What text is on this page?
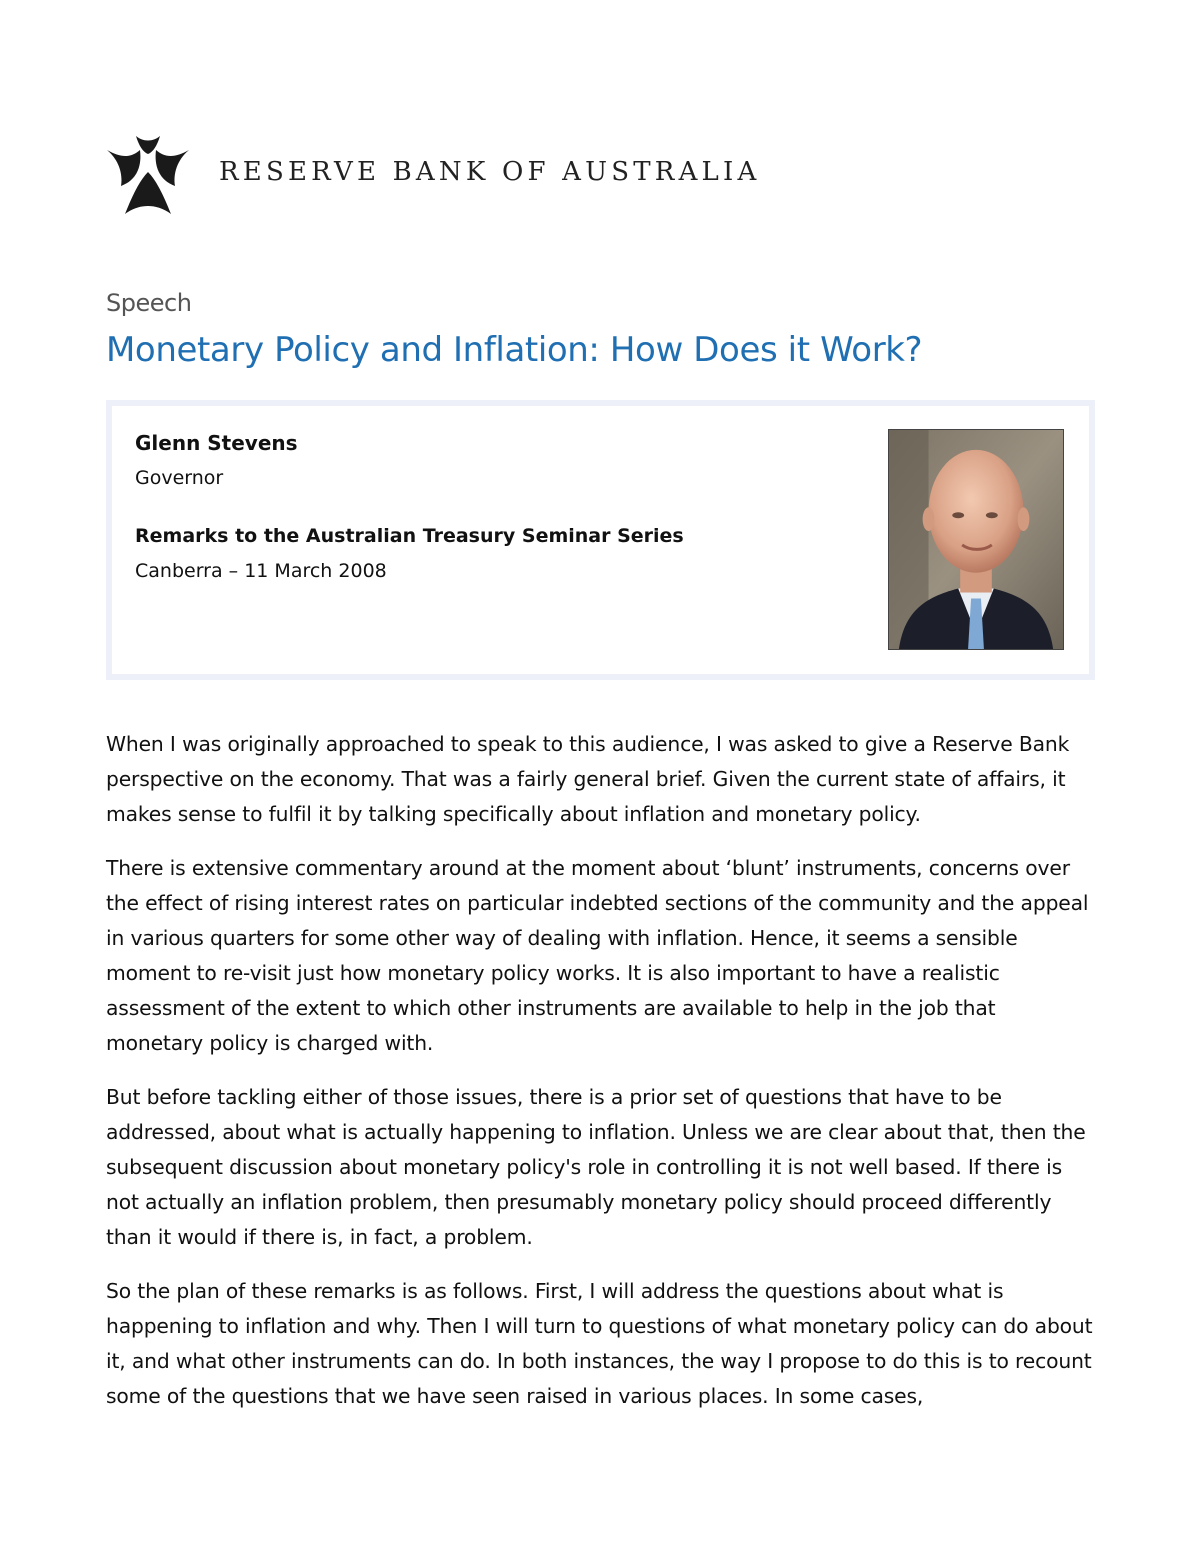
RESERVE BANK OF AUSTRALIA
Speech
Monetary Policy and Inflation: How Does it Work?
Glenn Stevens
Governor
Remarks to the Australian Treasury Seminar Series
Canberra – 11 March 2008

When I was originally approached to speak to this audience, I was asked to give a Reserve Bank perspective on the economy. That was a fairly general brief. Given the current state of affairs, it makes sense to fulfil it by talking specifically about inflation and monetary policy.

There is extensive commentary around at the moment about ‘blunt’ instruments, concerns over the effect of rising interest rates on particular indebted sections of the community and the appeal in various quarters for some other way of dealing with inflation. Hence, it seems a sensible moment to re-visit just how monetary policy works. It is also important to have a realistic assessment of the extent to which other instruments are available to help in the job that monetary policy is charged with.

But before tackling either of those issues, there is a prior set of questions that have to be addressed, about what is actually happening to inflation. Unless we are clear about that, then the subsequent discussion about monetary policy's role in controlling it is not well based. If there is not actually an inflation problem, then presumably monetary policy should proceed differently than it would if there is, in fact, a problem.

So the plan of these remarks is as follows. First, I will address the questions about what is happening to inflation and why. Then I will turn to questions of what monetary policy can do about it, and what other instruments can do. In both instances, the way I propose to do this is to recount some of the questions that we have seen raised in various places. In some cases,
